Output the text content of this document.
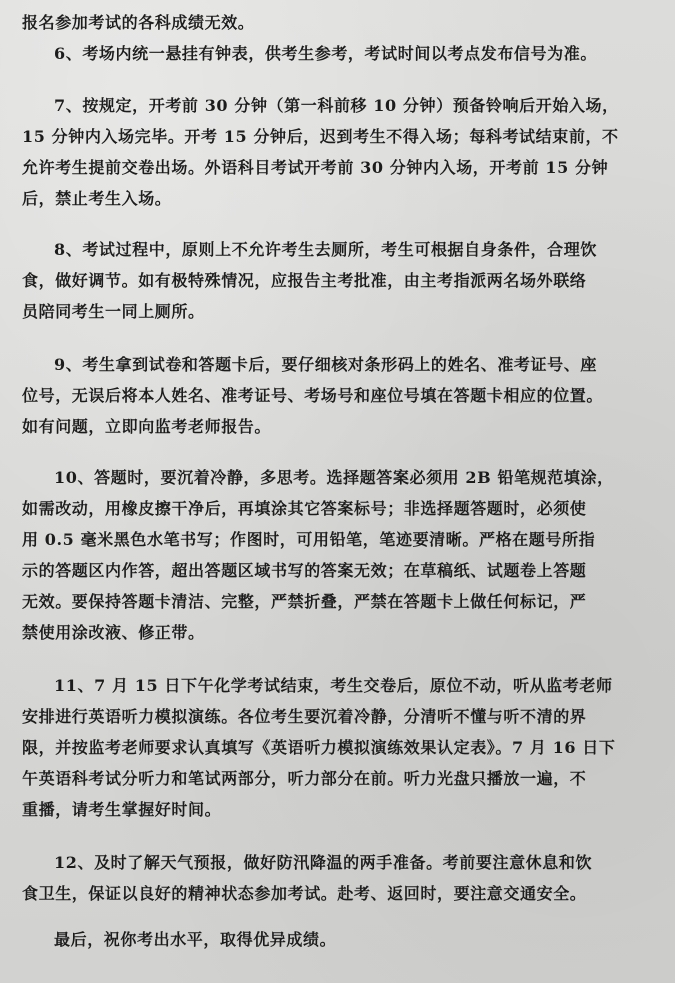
报名参加考试的各科成绩无效。
6、考场内统一悬挂有钟表，供考生参考，考试时间以考点发布信号为准。
7、按规定，开考前 30 分钟（第一科前移 10 分钟）预备铃响后开始入场，
15 分钟内入场完毕。开考 15 分钟后，迟到考生不得入场；每科考试结束前，不
允许考生提前交卷出场。外语科目考试开考前 30 分钟内入场，开考前 15 分钟
后，禁止考生入场。
8、考试过程中，原则上不允许考生去厕所，考生可根据自身条件，合理饮
食，做好调节。如有极特殊情况，应报告主考批准，由主考指派两名场外联络
员陪同考生一同上厕所。
9、考生拿到试卷和答题卡后，要仔细核对条形码上的姓名、准考证号、座
位号，无误后将本人姓名、准考证号、考场号和座位号填在答题卡相应的位置。
如有问题，立即向监考老师报告。
10、答题时，要沉着冷静，多思考。选择题答案必须用 2B 铅笔规范填涂，
如需改动，用橡皮擦干净后，再填涂其它答案标号；非选择题答题时，必须使
用 0.5 毫米黑色水笔书写；作图时，可用铅笔，笔迹要清晰。严格在题号所指
示的答题区内作答，超出答题区域书写的答案无效；在草稿纸、试题卷上答题
无效。要保持答题卡清洁、完整，严禁折叠，严禁在答题卡上做任何标记，严
禁使用涂改液、修正带。
11、7 月 15 日下午化学考试结束，考生交卷后，原位不动，听从监考老师
安排进行英语听力模拟演练。各位考生要沉着冷静，分清听不懂与听不清的界
限，并按监考老师要求认真填写《英语听力模拟演练效果认定表》。7 月 16 日下
午英语科考试分听力和笔试两部分，听力部分在前。听力光盘只播放一遍，不
重播，请考生掌握好时间。
12、及时了解天气预报，做好防汛降温的两手准备。考前要注意休息和饮
食卫生，保证以良好的精神状态参加考试。赴考、返回时，要注意交通安全。
最后，祝你考出水平，取得优异成绩。
